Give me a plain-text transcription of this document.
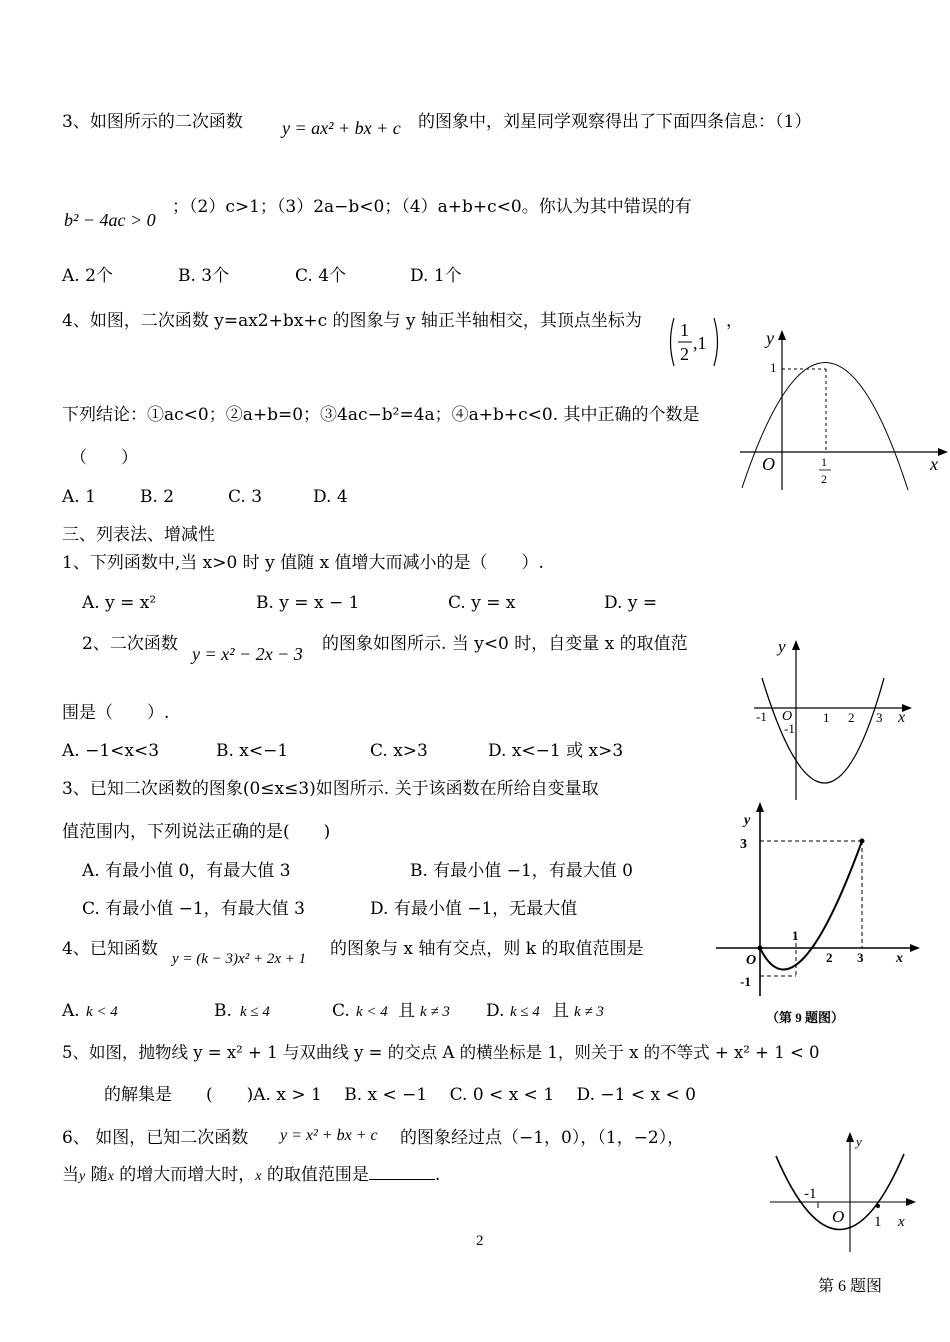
3、如图所示的二次函数 y = ax² + bx + c 的图象中，刘星同学观察得出了下面四条信息：（1）
b² − 4ac > 0
；（2）c>1；（3）2a−b<0；（4）a+b+c<0。你认为其中错误的有
A. 2个	B. 3个	C. 4个	D. 1个
4、如图，二次函数 y=ax2+bx+c 的图象与 y 轴正半轴相交，其顶点坐标为 1
2
,1
，
下列结论：①ac<0；②a+b=0；③4ac−b²=4a；④a+b+c<0. 其中正确的个数是
（　　）
A. 1	B. 2	C. 3	D. 4
y
1
O	x
1
2
三、列表法、增减性
1、下列函数中,当 x>0 时 y 值随 x 值增大而减小的是（　　）.
A. y = x²	B. y = x − 1	C. y = x	D. y =
2、二次函数 y = x² − 2x − 3 的图象如图所示. 当 y<0 时，自变量 x 的取值范
围是（　　）.
A. −1<x<3	B. x<−1	C. x>3	D. x<−1 或 x>3
y
-1 O
-1
1 2 3 x
3、已知二次函数的图象(0≤x≤3)如图所示. 关于该函数在所给自变量取
值范围内，下列说法正确的是(　　)
A. 有最小值 0，有最大值 3	B. 有最小值 −1，有最大值 0
C. 有最小值 −1，有最大值 3	D. 有最小值 −1，无最大值
y
3
O
1
2 3 x
-1
（第 9 题图）
4、已知函数 y = (k − 3)x² + 2x + 1 的图象与 x 轴有交点，则 k 的取值范围是
A. k < 4	B. k ≤ 4	C. k < 4 且 k ≠ 3 D. k ≤ 4 且 k ≠ 3
5、如图，抛物线 y = x² + 1 与双曲线 y = 的交点 A 的横坐标是 1，则关于 x 的不等式 + x² + 1 < 0
的解集是　　(　　)A. x > 1　 B. x < −1　 C. 0 < x < 1　 D. −1 < x < 0
6、 如图，已知二次函数 y = x² + bx + c 的图象经过点（−1，0），（1，−2），
当y 随x 的增大而增大时，x 的取值范围是	.
y
-1
O 1 x
第 6 题图
2
